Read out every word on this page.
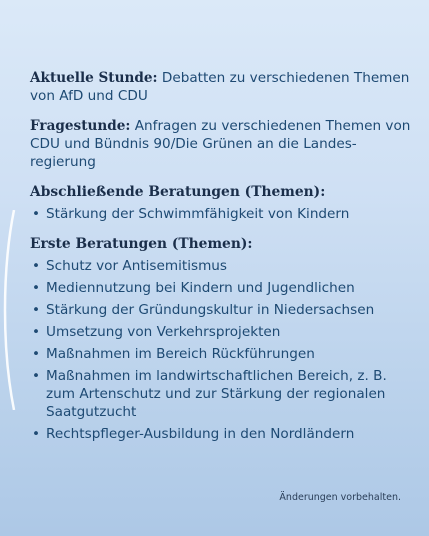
Aktuelle Stunde: Debatten zu verschiedenen Themen von AfD und CDU
Fragestunde: Anfragen zu verschiedenen Themen von CDU und Bündnis 90/Die Grünen an die Landes-regierung
Abschließende Beratungen (Themen):
• Stärkung der Schwimmfähigkeit von Kindern
Erste Beratungen (Themen):
• Schutz vor Antisemitismus
• Mediennutzung bei Kindern und Jugendlichen
• Stärkung der Gründungskultur in Niedersachsen
• Umsetzung von Verkehrsprojekten
• Maßnahmen im Bereich Rückführungen
• Maßnahmen im landwirtschaftlichen Bereich, z. B. zum Artenschutz und zur Stärkung der regionalen Saatgutzucht
• Rechtspfleger-Ausbildung in den Nordländern
Änderungen vorbehalten.
